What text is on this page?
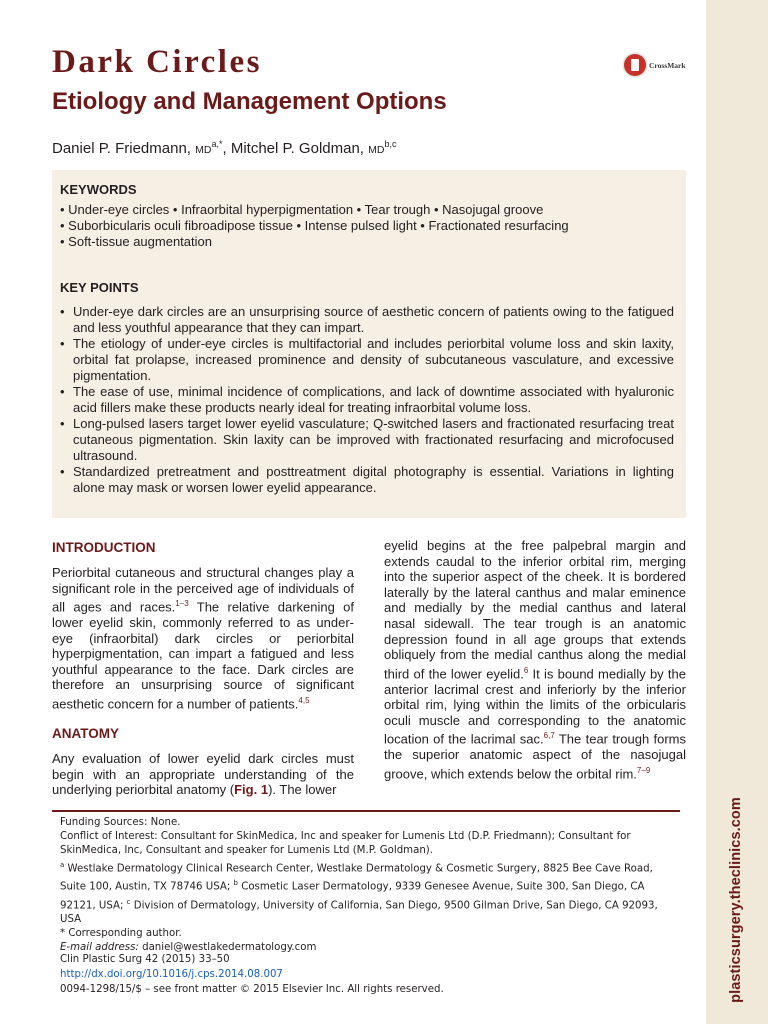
plasticsurgery.theclinics.com
Dark Circles
Etiology and Management Options
CrossMark
Daniel P. Friedmann, $MD^{a,*}$, Mitchel P. Goldman, MD$^{b,c}$

KEYWORDS

• Under-eye circles • Infraorbital hyperpigmentation • Tear trough • Nasojugal groove

• Suborbicularis oculi fibroadipose tissue • Intense pulsed light • Fractionated resurfacing

• Soft-tissue augmentation

KEY POINTS

• Under-eye dark circles are an unsurprising source of aesthetic concern of patients owing to the fatigued and less youthful appearance that they can impart.
• The etiology of under-eye circles is multifactorial and includes periorbital volume loss and skin laxity, orbital fat prolapse, increased prominence and density of subcutaneous vasculature, and excessive pigmentation.
• The ease of use, minimal incidence of complications, and lack of downtime associated with hyaluronic acid fillers make these products nearly ideal for treating infraorbital volume loss.
• Long-pulsed lasers target lower eyelid vasculature; Q-switched lasers and fractionated resurfacing treat cutaneous pigmentation. Skin laxity can be improved with fractionated resurfacing and microfocused ultrasound.
• Standardized pretreatment and posttreatment digital photography is essential. Variations in lighting alone may mask or worsen lower eyelid appearance.

INTRODUCTION

Periorbital cutaneous and structural changes play a significant role in the perceived age of individuals of all ages and races.$^{1-3}$ The relative darkening of lower eyelid skin, commonly referred to as under-eye (infraorbital) dark circles or periorbital hyperpigmentation, can impart a fatigued and less youthful appearance to the face. Dark circles are therefore an unsurprising source of significant aesthetic concern for a number of patients.$^{4,5}$

ANATOMY

Any evaluation of lower eyelid dark circles must begin with an appropriate understanding of the underlying periorbital anatomy (Fig. 1). The lower

eyelid begins at the free palpebral margin and extends caudal to the inferior orbital rim, merging into the superior aspect of the cheek. It is bordered laterally by the lateral canthus and malar eminence and medially by the medial canthus and lateral nasal sidewall. The tear trough is an anatomic depression found in all age groups that extends obliquely from the medial canthus along the medial third of the lower eyelid.$^6$ It is bound medially by the anterior lacrimal crest and inferiorly by the inferior orbital rim, lying within the limits of the orbicularis oculi muscle and corresponding to the anatomic location of the lacrimal sac.$^{6,7}$ The tear trough forms the superior anatomic aspect of the nasojugal groove, which extends below the orbital rim.$^{7-9}$

Funding Sources: None.

Conflict of Interest: Consultant for SkinMedica, Inc and speaker for Lumenis Ltd (D.P. Friedmann); Consultant for SkinMedica, Inc, Consultant and speaker for Lumenis Ltd (M.P. Goldman).

$^a$ Westlake Dermatology Clinical Research Center, Westlake Dermatology & Cosmetic Surgery, 8825 Bee Cave Road, Suite 100, Austin, TX 78746 USA; $^b$ Cosmetic Laser Dermatology, 9339 Genesee Avenue, Suite 300, San Diego, CA 92121, USA; $^c$ Division of Dermatology, University of California, San Diego, 9500 Gilman Drive, San Diego, CA 92093, USA

* Corresponding author.

E-mail address: daniel@westlakedermatology.com

Clin Plastic Surg 42 (2015) 33–50

http://dx.doi.org/10.1016/j.cps.2014.08.007

0094-1298/15/$ – see front matter © 2015 Elsevier Inc. All rights reserved.
